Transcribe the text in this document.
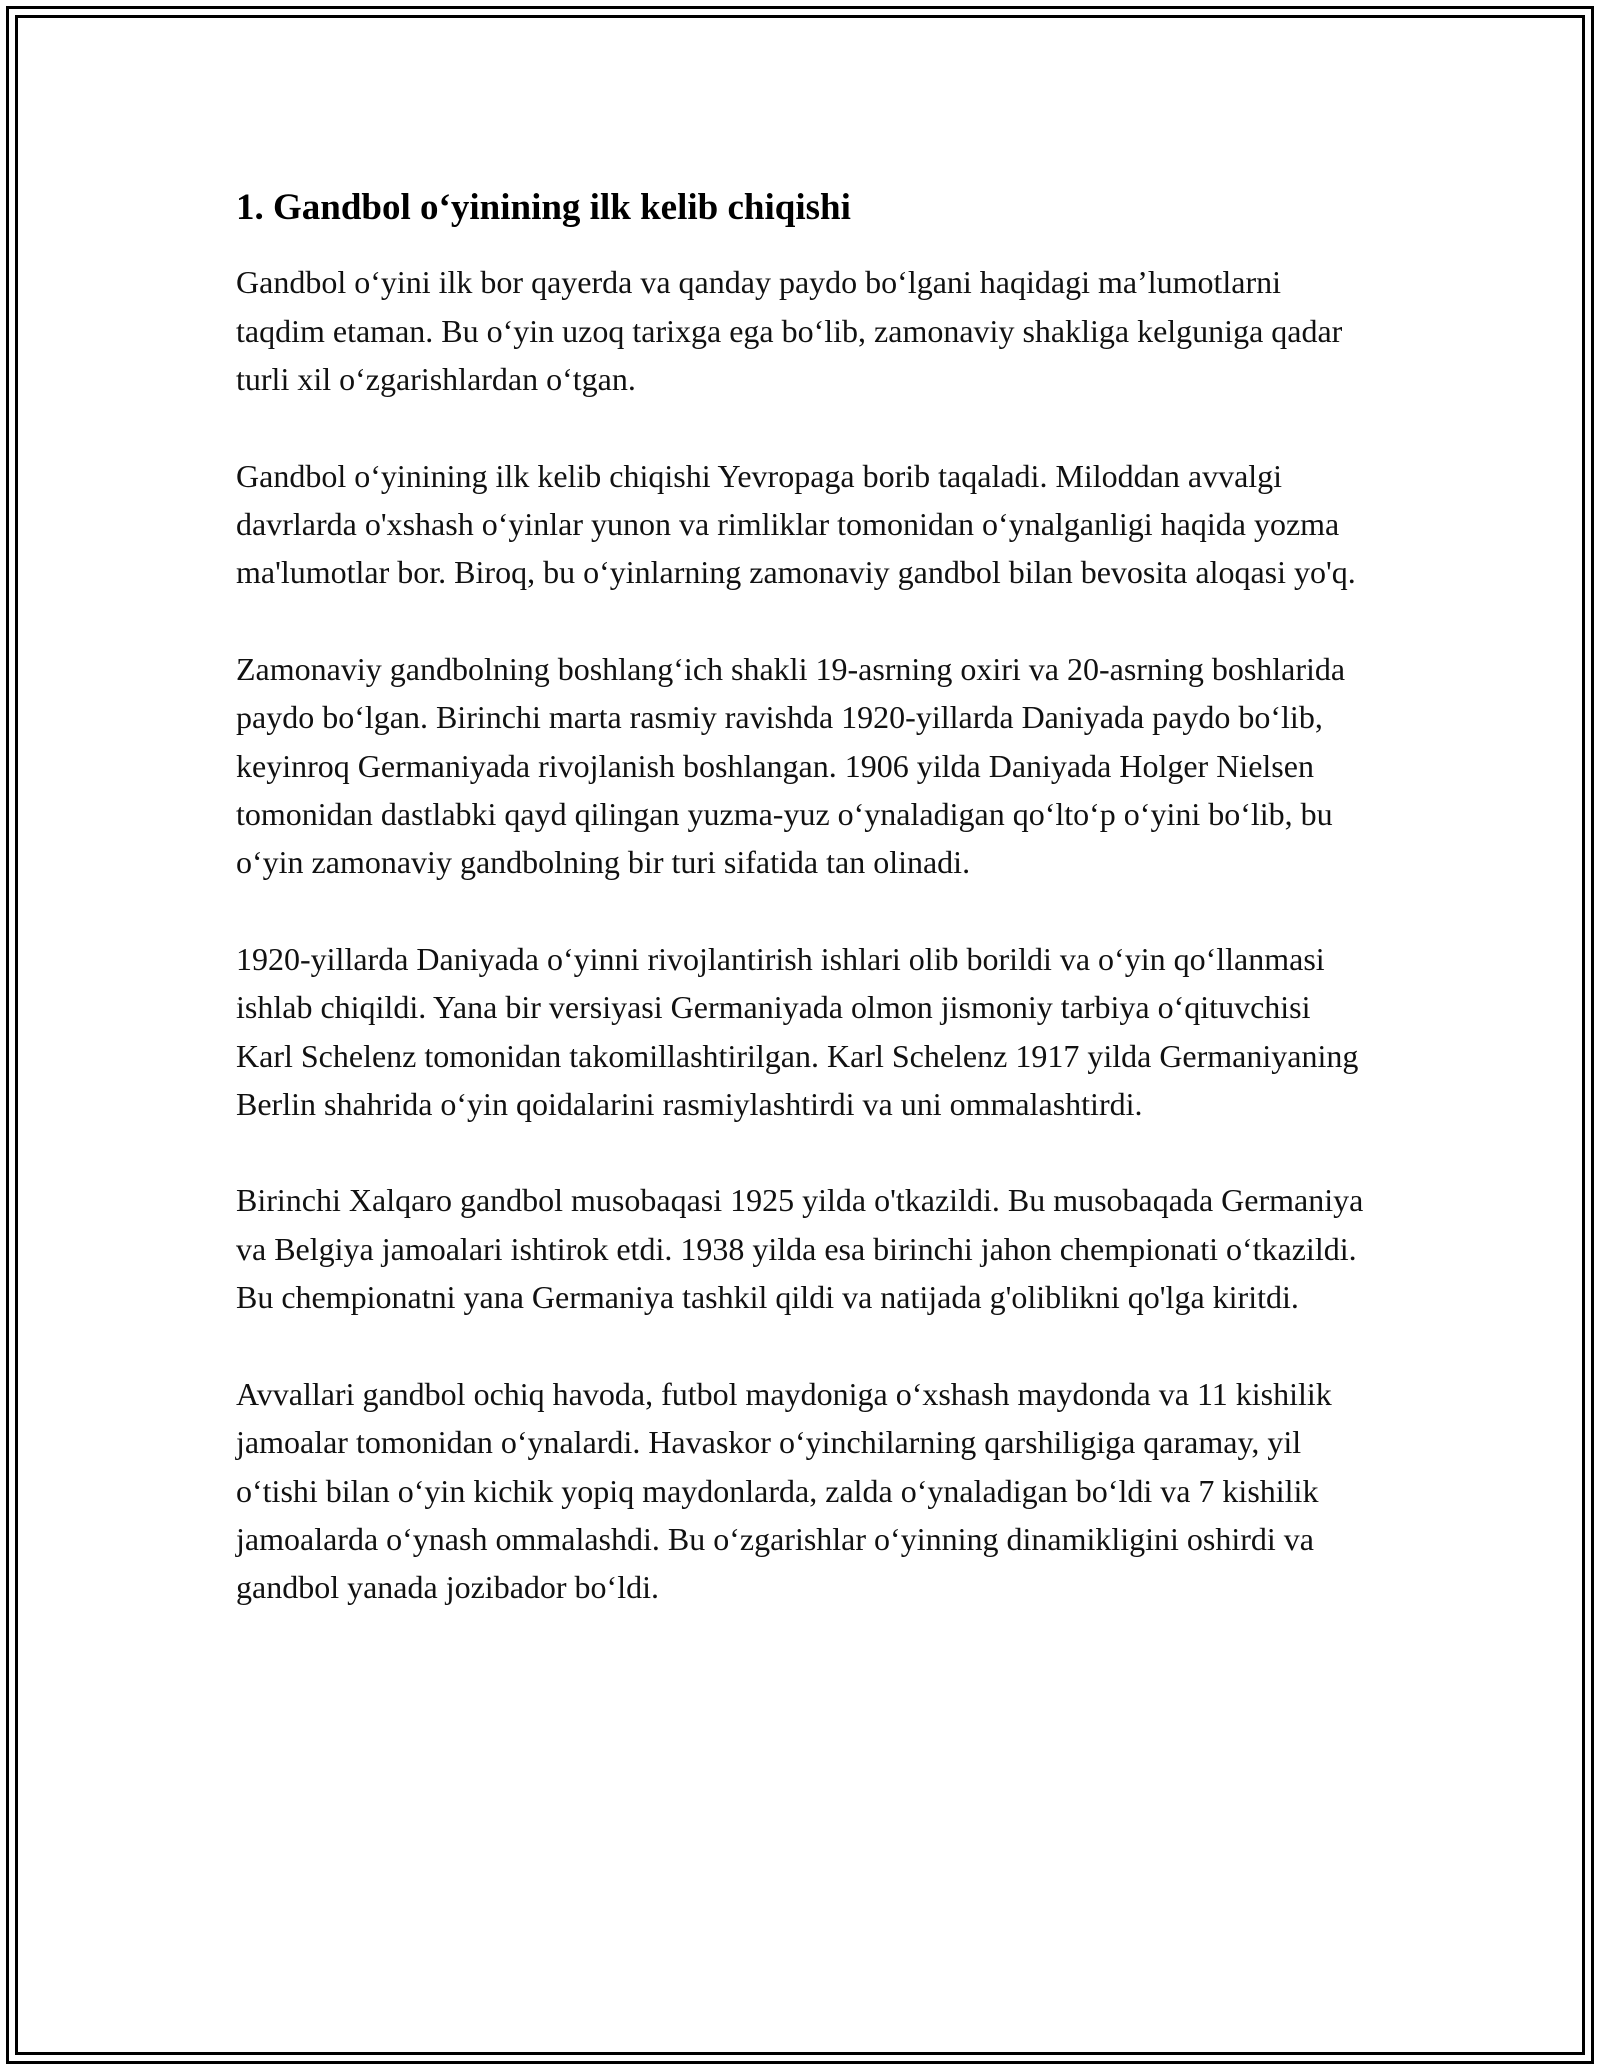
1. Gandbol o‘yinining ilk kelib chiqishi

Gandbol o‘yini ilk bor qayerda va qanday paydo bo‘lgani haqidagi ma’lumotlarni taqdim etaman. Bu o‘yin uzoq tarixga ega bo‘lib, zamonaviy shakliga kelguniga qadar turli xil o‘zgarishlardan o‘tgan.

Gandbol o‘yinining ilk kelib chiqishi Yevropaga borib taqaladi. Miloddan avvalgi davrlarda o'xshash o‘yinlar yunon va rimliklar tomonidan o‘ynalganligi haqida yozma ma'lumotlar bor. Biroq, bu o‘yinlarning zamonaviy gandbol bilan bevosita aloqasi yo'q.

Zamonaviy gandbolning boshlang‘ich shakli 19-asrning oxiri va 20-asrning boshlarida paydo bo‘lgan. Birinchi marta rasmiy ravishda 1920-yillarda Daniyada paydo bo‘lib, keyinroq Germaniyada rivojlanish boshlangan. 1906 yilda Daniyada Holger Nielsen tomonidan dastlabki qayd qilingan yuzma-yuz o‘ynaladigan qo‘lto‘p o‘yini bo‘lib, bu o‘yin zamonaviy gandbolning bir turi sifatida tan olinadi.

1920-yillarda Daniyada o‘yinni rivojlantirish ishlari olib borildi va o‘yin qo‘llanmasi ishlab chiqildi. Yana bir versiyasi Germaniyada olmon jismoniy tarbiya o‘qituvchisi Karl Schelenz tomonidan takomillashtirilgan. Karl Schelenz 1917 yilda Germaniyaning Berlin shahrida o‘yin qoidalarini rasmiylashtirdi va uni ommalashtirdi.

Birinchi Xalqaro gandbol musobaqasi 1925 yilda o'tkazildi. Bu musobaqada Germaniya va Belgiya jamoalari ishtirok etdi. 1938 yilda esa birinchi jahon chempionati o‘tkazildi. Bu chempionatni yana Germaniya tashkil qildi va natijada g'oliblikni qo'lga kiritdi.

Avvallari gandbol ochiq havoda, futbol maydoniga o‘xshash maydonda va 11 kishilik jamoalar tomonidan o‘ynalardi. Havaskor o‘yinchilarning qarshiligiga qaramay, yil o‘tishi bilan o‘yin kichik yopiq maydonlarda, zalda o‘ynaladigan bo‘ldi va 7 kishilik jamoalarda o‘ynash ommalashdi. Bu o‘zgarishlar o‘yinning dinamikligini oshirdi va gandbol yanada jozibador bo‘ldi.
